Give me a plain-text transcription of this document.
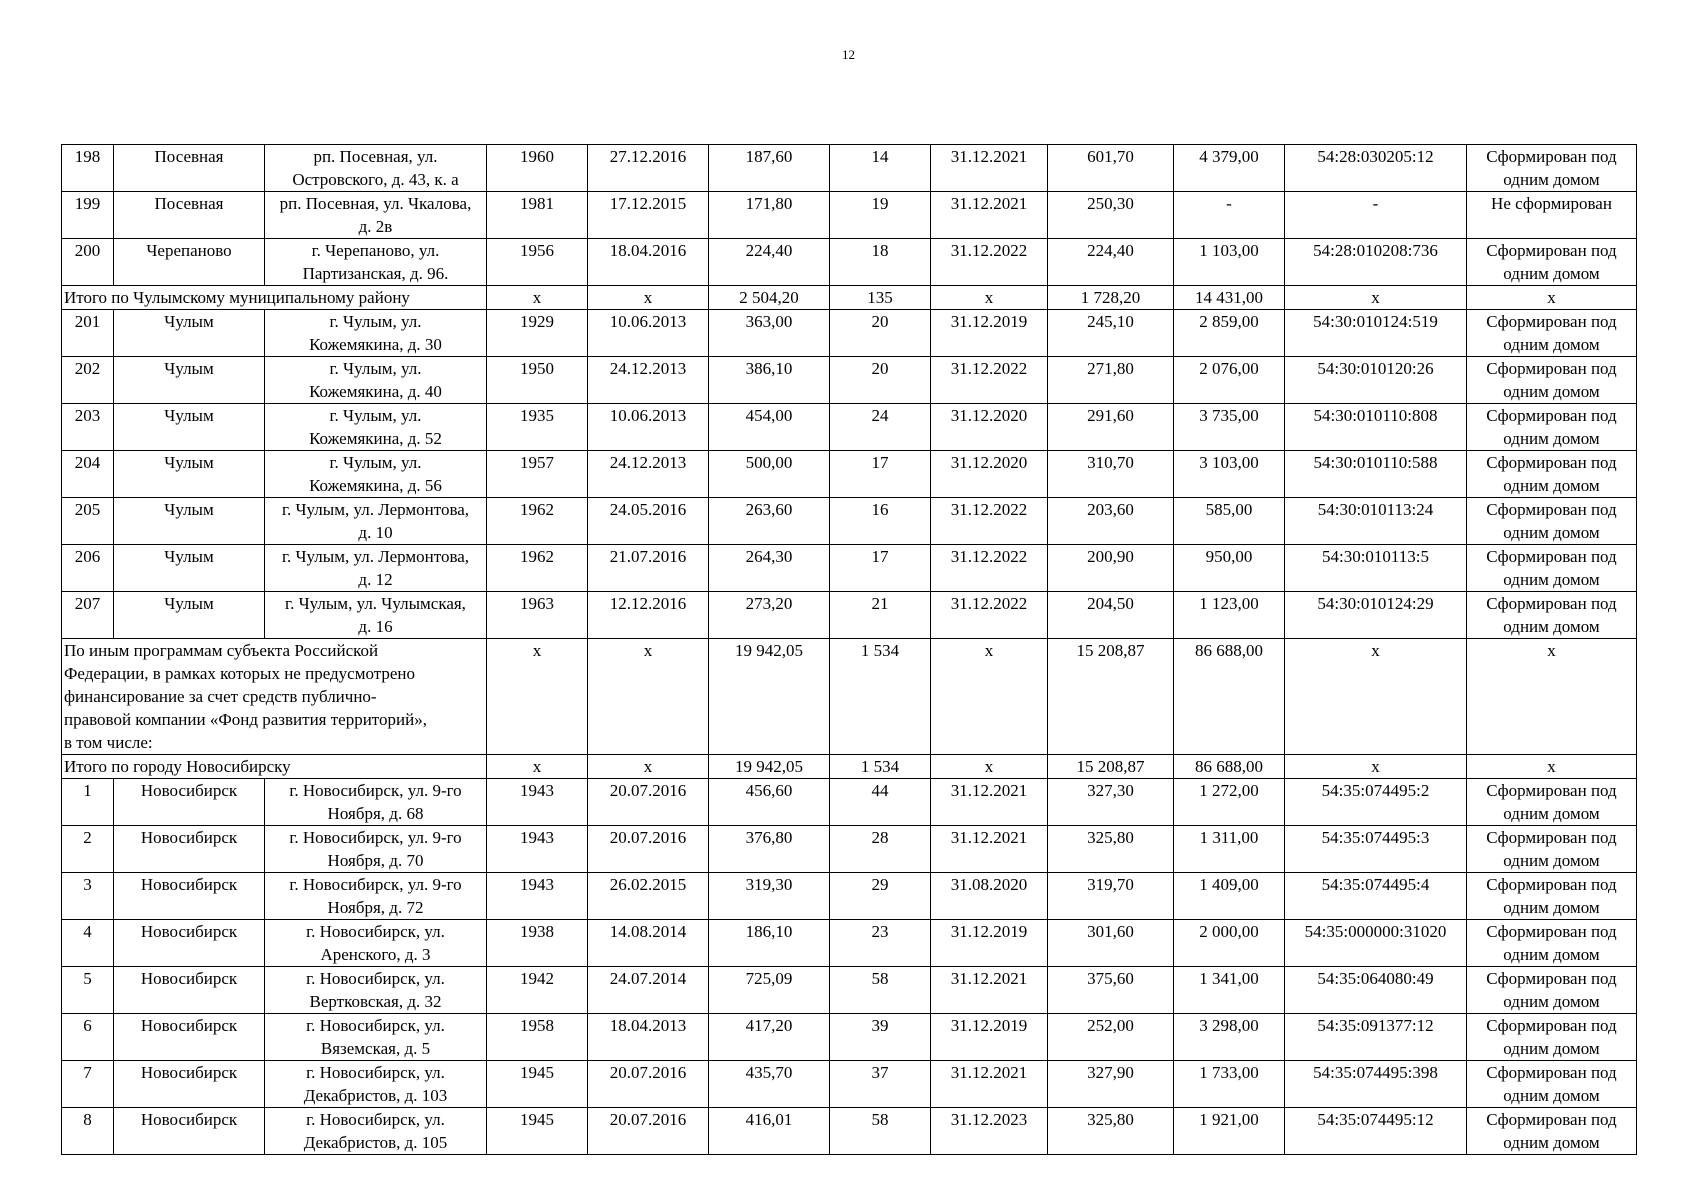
12
198	Посевная	рп. Посевная, ул.
Островского, д. 43, к. а	1960	27.12.2016	187,60	14	31.12.2021	601,70	4 379,00	54:28:030205:12	Сформирован под
одним домом
199	Посевная	рп. Посевная, ул. Чкалова,
д. 2в	1981	17.12.2015	171,80	19	31.12.2021	250,30	-	-	Не сформирован
200	Черепаново	г. Черепаново, ул.
Партизанская, д. 96.	1956	18.04.2016	224,40	18	31.12.2022	224,40	1 103,00	54:28:010208:736	Сформирован под
одним домом
Итого по Чулымскому муниципальному району			х	х	2 504,20	135	х	1 728,20	14 431,00	х	х
201	Чулым	г. Чулым, ул.
Кожемякина, д. 30	1929	10.06.2013	363,00	20	31.12.2019	245,10	2 859,00	54:30:010124:519	Сформирован под
одним домом
202	Чулым	г. Чулым, ул.
Кожемякина, д. 40	1950	24.12.2013	386,10	20	31.12.2022	271,80	2 076,00	54:30:010120:26	Сформирован под
одним домом
203	Чулым	г. Чулым, ул.
Кожемякина, д. 52	1935	10.06.2013	454,00	24	31.12.2020	291,60	3 735,00	54:30:010110:808	Сформирован под
одним домом
204	Чулым	г. Чулым, ул.
Кожемякина, д. 56	1957	24.12.2013	500,00	17	31.12.2020	310,70	3 103,00	54:30:010110:588	Сформирован под
одним домом
205	Чулым	г. Чулым, ул. Лермонтова,
д. 10	1962	24.05.2016	263,60	16	31.12.2022	203,60	585,00	54:30:010113:24	Сформирован под
одним домом
206	Чулым	г. Чулым, ул. Лермонтова,
д. 12	1962	21.07.2016	264,30	17	31.12.2022	200,90	950,00	54:30:010113:5	Сформирован под
одним домом
207	Чулым	г. Чулым, ул. Чулымская,
д. 16	1963	12.12.2016	273,20	21	31.12.2022	204,50	1 123,00	54:30:010124:29	Сформирован под
одним домом
По иным программам субъекта Российской
Федерации, в рамках которых не предусмотрено
финансирование за счет средств публично-
правовой компании «Фонд развития территорий»,
в том числе:			х	х	19 942,05	1 534	х	15 208,87	86 688,00	х	х
Итого по городу Новосибирску			х	х	19 942,05	1 534	х	15 208,87	86 688,00	х	х
1	Новосибирск	г. Новосибирск, ул. 9-го
Ноября, д. 68	1943	20.07.2016	456,60	44	31.12.2021	327,30	1 272,00	54:35:074495:2	Сформирован под
одним домом
2	Новосибирск	г. Новосибирск, ул. 9-го
Ноября, д. 70	1943	20.07.2016	376,80	28	31.12.2021	325,80	1 311,00	54:35:074495:3	Сформирован под
одним домом
3	Новосибирск	г. Новосибирск, ул. 9-го
Ноября, д. 72	1943	26.02.2015	319,30	29	31.08.2020	319,70	1 409,00	54:35:074495:4	Сформирован под
одним домом
4	Новосибирск	г. Новосибирск, ул.
Аренского, д. 3	1938	14.08.2014	186,10	23	31.12.2019	301,60	2 000,00	54:35:000000:31020	Сформирован под
одним домом
5	Новосибирск	г. Новосибирск, ул.
Вертковская, д. 32	1942	24.07.2014	725,09	58	31.12.2021	375,60	1 341,00	54:35:064080:49	Сформирован под
одним домом
6	Новосибирск	г. Новосибирск, ул.
Вяземская, д. 5	1958	18.04.2013	417,20	39	31.12.2019	252,00	3 298,00	54:35:091377:12	Сформирован под
одним домом
7	Новосибирск	г. Новосибирск, ул.
Декабристов, д. 103	1945	20.07.2016	435,70	37	31.12.2021	327,90	1 733,00	54:35:074495:398	Сформирован под
одним домом
8	Новосибирск	г. Новосибирск, ул.
Декабристов, д. 105	1945	20.07.2016	416,01	58	31.12.2023	325,80	1 921,00	54:35:074495:12	Сформирован под
одним домом
